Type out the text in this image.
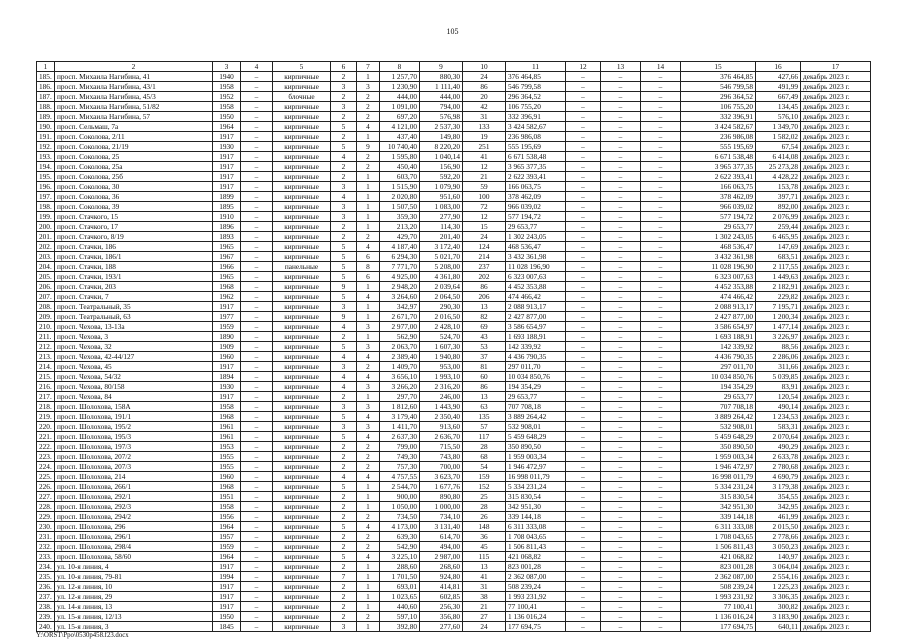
105
1	2	3	4	5	6	7	8	9	10	11	12	13	14	15	16	17
185.	просп. Михаила Нагибина, 41	1940	–	кирпичные	2	1	1 257,70	880,30	24	376 464,85	–	–	–	376 464,85	427,66	декабрь 2023 г.
186.	просп. Михаила Нагибина, 43/1	1958	–	кирпичные	3	3	1 230,90	1 111,40	86	546 799,58	–	–	–	546 799,58	491,99	декабрь 2023 г.
187.	просп. Михаила Нагибина, 45/3	1952	–	блочные	2	2	444,00	444,00	20	296 364,52	–	–	–	296 364,52	667,49	декабрь 2023 г.
188.	просп. Михаила Нагибина, 51/82	1958	–	кирпичные	3	2	1 091,00	794,00	42	106 755,20	–	–	–	106 755,20	134,45	декабрь 2023 г.
189.	просп. Михаила Нагибина, 57	1950	–	кирпичные	2	2	697,20	576,98	31	332 396,91	–	–	–	332 396,91	576,10	декабрь 2023 г.
190.	просп. Сельмаш, 7а	1964	–	кирпичные	5	4	4 121,00	2 537,30	133	3 424 582,67	–	–	–	3 424 582,67	1 349,70	декабрь 2023 г.
191.	просп. Соколова, 2/11	1917	–	кирпичные	2	1	437,40	149,80	19	236 986,08	–	–	–	236 986,08	1 582,02	декабрь 2023 г.
192.	просп. Соколова, 21/19	1930	–	кирпичные	5	9	10 740,40	8 220,20	251	555 195,69	–	–	–	555 195,69	67,54	декабрь 2023 г.
193.	просп. Соколова, 25	1917	–	кирпичные	4	2	1 595,80	1 040,14	41	6 671 538,48	–	–	–	6 671 538,48	6 414,08	декабрь 2023 г.
194.	просп. Соколова, 25а	1917	–	кирпичные	2	2	450,40	156,90	12	3 965 377,35	–	–	–	3 965 377,35	25 273,28	декабрь 2023 г.
195.	просп. Соколова, 25б	1917	–	кирпичные	2	1	603,70	592,20	21	2 622 393,41	–	–	–	2 622 393,41	4 428,22	декабрь 2023 г.
196.	просп. Соколова, 30	1917	–	кирпичные	3	1	1 515,90	1 079,90	59	166 063,75	–	–	–	166 063,75	153,78	декабрь 2023 г.
197.	просп. Соколова, 36	1899	–	кирпичные	4	1	2 020,80	951,60	100	378 462,09	–	–	–	378 462,09	397,71	декабрь 2023 г.
198.	просп. Соколова, 39	1895	–	кирпичные	3	1	1 507,50	1 083,00	72	966 039,02	–	–	–	966 039,02	892,00	декабрь 2023 г.
199.	просп. Стачкого, 15	1910	–	кирпичные	3	1	359,30	277,90	12	577 194,72	–	–	–	577 194,72	2 076,99	декабрь 2023 г.
200.	просп. Стачкого, 17	1896	–	кирпичные	2	1	213,20	114,30	15	29 653,77	–	–	–	29 653,77	259,44	декабрь 2023 г.
201.	просп. Стачкого, 8/19	1893	–	кирпичные	2	2	429,70	201,40	24	1 302 243,05	–	–	–	1 302 243,05	6 465,95	декабрь 2023 г.
202.	просп. Стачки, 186	1965	–	кирпичные	5	4	4 187,40	3 172,40	124	468 536,47	–	–	–	468 536,47	147,69	декабрь 2023 г.
203.	просп. Стачки, 186/1	1967	–	кирпичные	5	6	6 294,30	5 021,70	214	3 432 361,98	–	–	–	3 432 361,98	683,51	декабрь 2023 г.
204.	просп. Стачки, 188	1966	–	панельные	5	8	7 771,70	5 208,00	237	11 028 196,90	–	–	–	11 028 196,90	2 117,55	декабрь 2023 г.
205.	просп. Стачки, 193/1	1965	–	кирпичные	5	6	4 925,00	4 361,80	202	6 323 007,63	–	–	–	6 323 007,63	1 449,63	декабрь 2023 г.
206.	просп. Стачки, 203	1968	–	кирпичные	9	1	2 948,20	2 039,64	86	4 452 353,88	–	–	–	4 452 353,88	2 182,91	декабрь 2023 г.
207.	просп. Стачки, 7	1962	–	кирпичные	5	4	3 264,60	2 064,50	206	474 466,42	–	–	–	474 466,42	229,82	декабрь 2023 г.
208.	просп. Театральный, 35	1917	–	кирпичные	3	1	342,97	290,30	13	2 088 913,17	–	–	–	2 088 913,17	7 195,71	декабрь 2023 г.
209.	просп. Театральный, 63	1977	–	кирпичные	9	1	2 671,70	2 016,50	82	2 427 877,00	–	–	–	2 427 877,00	1 200,34	декабрь 2023 г.
210.	просп. Чехова, 13-13а	1959	–	кирпичные	4	3	2 977,00	2 428,10	69	3 586 654,97	–	–	–	3 586 654,97	1 477,14	декабрь 2023 г.
211.	просп. Чехова, 3	1890	–	кирпичные	2	1	562,90	524,70	43	1 693 188,91	–	–	–	1 693 188,91	3 226,97	декабрь 2023 г.
212.	просп. Чехова, 32	1909	–	кирпичные	5	3	2 063,70	1 607,30	53	142 339,92	–	–	–	142 339,92	88,56	декабрь 2023 г.
213.	просп. Чехова, 42-44/127	1960	–	кирпичные	4	4	2 389,40	1 940,80	37	4 436 790,35	–	–	–	4 436 790,35	2 286,06	декабрь 2023 г.
214.	просп. Чехова, 45	1917	–	кирпичные	3	2	1 409,70	953,00	81	297 011,70	–	–	–	297 011,70	311,66	декабрь 2023 г.
215.	просп. Чехова, 54/32	1894	–	кирпичные	4	4	3 656,10	1 993,10	60	10 034 850,76	–	–	–	10 034 850,76	5 039,85	декабрь 2023 г.
216.	просп. Чехова, 80/158	1930	–	кирпичные	4	3	3 266,20	2 316,20	86	194 354,29	–	–	–	194 354,29	83,91	декабрь 2023 г.
217.	просп. Чехова, 84	1917	–	кирпичные	2	1	297,70	246,00	13	29 653,77	–	–	–	29 653,77	120,54	декабрь 2023 г.
218.	просп. Шолохова, 158А	1958	–	кирпичные	3	3	1 812,60	1 443,90	63	707 708,18	–	–	–	707 708,18	490,14	декабрь 2023 г.
219.	просп. Шолохова, 191/1	1968	–	кирпичные	5	4	3 179,40	2 350,40	135	3 889 264,42	–	–	–	3 889 264,42	1 234,53	декабрь 2023 г.
220.	просп. Шолохова, 195/2	1961	–	кирпичные	3	3	1 411,70	913,60	57	532 908,01	–	–	–	532 908,01	583,31	декабрь 2023 г.
221.	просп. Шолохова, 195/3	1961	–	кирпичные	5	4	2 637,30	2 636,70	117	5 459 648,29	–	–	–	5 459 648,29	2 070,64	декабрь 2023 г.
222.	просп. Шолохова, 197/3	1953	–	кирпичные	2	2	799,00	715,50	28	350 890,50	–	–	–	350 890,50	490,29	декабрь 2023 г.
223.	просп. Шолохова, 207/2	1955	–	кирпичные	2	2	749,30	743,80	68	1 959 003,34	–	–	–	1 959 003,34	2 633,78	декабрь 2023 г.
224.	просп. Шолохова, 207/3	1955	–	кирпичные	2	2	757,30	700,00	54	1 946 472,97	–	–	–	1 946 472,97	2 780,68	декабрь 2023 г.
225.	просп. Шолохова, 214	1960	–	кирпичные	4	4	4 757,55	3 623,70	159	16 998 011,79	–	–	–	16 998 011,79	4 690,79	декабрь 2023 г.
226.	просп. Шолохова, 266/1	1968	–	кирпичные	5	1	2 544,70	1 677,76	152	5 334 231,24	–	–	–	5 334 231,24	3 179,38	декабрь 2023 г.
227.	просп. Шолохова, 292/1	1951	–	кирпичные	2	1	900,00	890,80	25	315 830,54	–	–	–	315 830,54	354,55	декабрь 2023 г.
228.	просп. Шолохова, 292/3	1958	–	кирпичные	2	1	1 050,00	1 000,00	28	342 951,30	–	–	–	342 951,30	342,95	декабрь 2023 г.
229.	просп. Шолохова, 294/2	1956	–	кирпичные	2	2	734,50	734,10	26	339 144,18	–	–	–	339 144,18	461,99	декабрь 2023 г.
230.	просп. Шолохова, 296	1964	–	кирпичные	5	4	4 173,00	3 131,40	148	6 311 333,08	–	–	–	6 311 333,08	2 015,50	декабрь 2023 г.
231.	просп. Шолохова, 296/1	1957	–	кирпичные	2	2	639,30	614,70	36	1 708 043,65	–	–	–	1 708 043,65	2 778,66	декабрь 2023 г.
232.	просп. Шолохова, 298/4	1959	–	кирпичные	2	2	542,90	494,00	45	1 506 811,43	–	–	–	1 506 811,43	3 050,23	декабрь 2023 г.
233.	просп. Шолохова, 58/60	1964	–	кирпичные	5	4	3 225,10	2 987,00	115	421 068,82	–	–	–	421 068,82	140,97	декабрь 2023 г.
234.	ул. 10-я линия, 4	1917	–	кирпичные	2	1	288,60	268,60	13	823 001,28	–	–	–	823 001,28	3 064,04	декабрь 2023 г.
235.	ул. 10-я линия, 79-81	1994	–	кирпичные	7	1	1 701,50	924,80	41	2 362 087,00	–	–	–	2 362 087,00	2 554,16	декабрь 2023 г.
236.	ул. 12-я линия, 10	1917	–	кирпичные	2	1	693,01	414,81	31	508 239,24	–	–	–	508 239,24	1 225,23	декабрь 2023 г.
237.	ул. 12-я линия, 29	1917	–	кирпичные	2	1	1 023,65	602,85	38	1 993 231,92	–	–	–	1 993 231,92	3 306,35	декабрь 2023 г.
238.	ул. 14-я линия, 13	1917	–	кирпичные	2	1	440,60	256,30	21	77 100,41	–	–	–	77 100,41	300,82	декабрь 2023 г.
239.	ул. 15-я линия, 12/13	1950	–	кирпичные	2	2	597,10	356,80	27	1 136 016,24	–	–	–	1 136 016,24	3 183,90	декабрь 2023 г.
240.	ул. 15-я линия, 3	1845	–	кирпичные	3	1	392,80	277,60	24	177 694,75	–	–	–	177 694,75	640,11	декабрь 2023 г.
Y:\ORST\Ppo\0530p458.f23.docx
